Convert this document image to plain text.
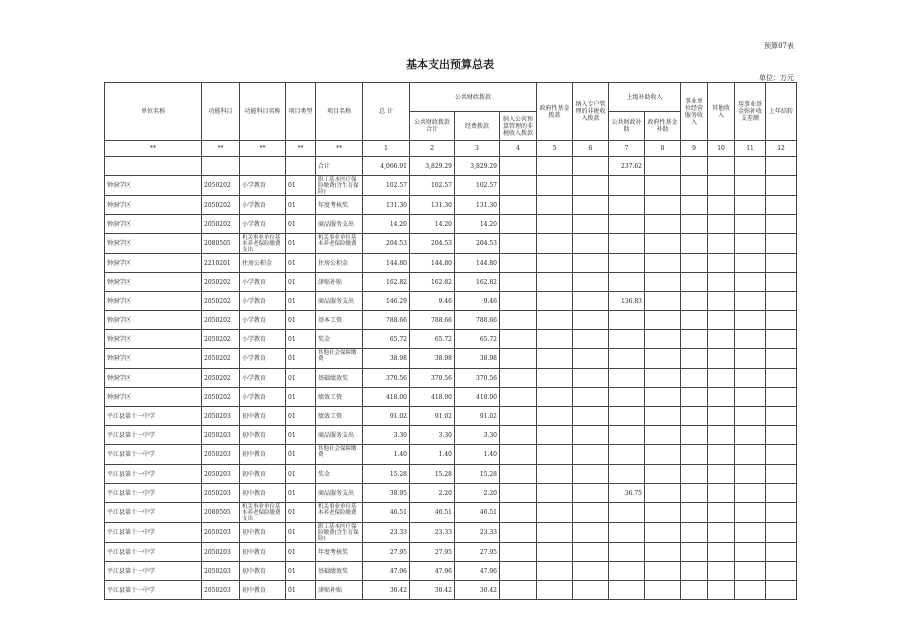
预算07表
基本支出预算总表
单位：万元
单位名称	功能科目	功能科目名称	项目类型	项目名称	总 计	公共财政拨款			政府性基金拨款	纳入专户管理的非税收入拨款	上级补助收入		事业单位经营服务收入	其他收入	用事业基金弥补收支差额	上年结转
						公共财政拨款合计	经费拨款	纳入公共预算管理的非税收入拨款			公共财政补助	政府性基金补助				
**	**	**	**	**	1	2	3	4	5	6	7	8	9	10	11	12
				合计	4,066.91	3,829.29	3,829.29				237.62					
钟洞学区	2050202	小学教育	01	职工基本医疗保险缴费(含生育保险)	102.57	102.57	102.57									
钟洞学区	2050202	小学教育	01	年度考核奖	131.30	131.30	131.30									
钟洞学区	2050202	小学教育	01	商品服务支出	14.20	14.20	14.20									
钟洞学区	2080505	机关事业单位基本养老保险缴费支出	01	机关事业单位基本养老保险缴费	204.53	204.53	204.53									
钟洞学区	2210201	住房公积金	01	住房公积金	144.80	144.80	144.80									
钟洞学区	2050202	小学教育	01	津贴补贴	162.82	162.82	162.82									
钟洞学区	2050202	小学教育	01	商品服务支出	146.29	9.46	9.46				136.83					
钟洞学区	2050202	小学教育	01	基本工资	788.66	788.66	788.66									
钟洞学区	2050202	小学教育	01	奖金	65.72	65.72	65.72									
钟洞学区	2050202	小学教育	01	其他社会保障缴费	38.98	38.98	38.98									
钟洞学区	2050202	小学教育	01	基础绩效奖	370.56	370.56	370.56									
钟洞学区	2050202	小学教育	01	绩效工资	418.00	418.00	418.00									
平江县第十一中学	2050203	初中教育	01	绩效工资	91.02	91.02	91.02									
平江县第十一中学	2050203	初中教育	01	商品服务支出	3.30	3.30	3.30									
平江县第十一中学	2050203	初中教育	01	其他社会保障缴费	1.40	1.40	1.40									
平江县第十一中学	2050203	初中教育	01	奖金	15.28	15.28	15.28									
平江县第十一中学	2050203	初中教育	01	商品服务支出	38.95	2.20	2.20				36.75					
平江县第十一中学	2080505	机关事业单位基本养老保险缴费支出	01	机关事业单位基本养老保险缴费	46.51	46.51	46.51									
平江县第十一中学	2050203	初中教育	01	职工基本医疗保险缴费(含生育保险)	23.33	23.33	23.33									
平江县第十一中学	2050203	初中教育	01	年度考核奖	27.95	27.95	27.95									
平江县第十一中学	2050203	初中教育	01	基础绩效奖	47.96	47.96	47.96									
平江县第十一中学	2050203	初中教育	01	津贴补贴	30.42	30.42	30.42									
